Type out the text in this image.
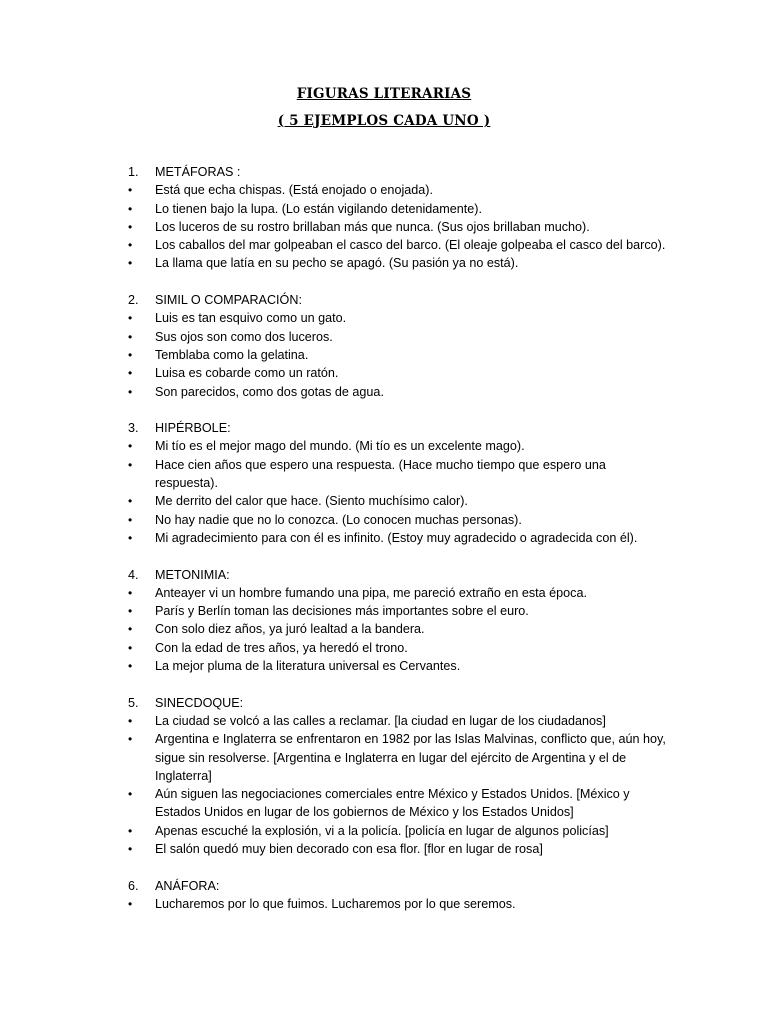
FIGURAS LITERARIAS
( 5 EJEMPLOS CADA UNO )
1.	METÁFORAS :
•	Está que echa chispas. (Está enojado o enojada).
•	Lo tienen bajo la lupa. (Lo están vigilando detenidamente).
•	Los luceros de su rostro brillaban más que nunca. (Sus ojos brillaban mucho).
•	Los caballos del mar golpeaban el casco del barco. (El oleaje golpeaba el casco del barco).
•	La llama que latía en su pecho se apagó. (Su pasión ya no está).
2.	SIMIL O COMPARACIÓN:
•	Luis es tan esquivo como un gato.
•	Sus ojos son como dos luceros.
•	Temblaba como la gelatina.
•	Luisa es cobarde como un ratón.
•	Son parecidos, como dos gotas de agua.
3.	HIPÉRBOLE:
•	Mi tío es el mejor mago del mundo. (Mi tío es un excelente mago).
•	Hace cien años que espero una respuesta. (Hace mucho tiempo que espero una respuesta).
•	Me derrito del calor que hace. (Siento muchísimo calor).
•	No hay nadie que no lo conozca. (Lo conocen muchas personas).
•	Mi agradecimiento para con él es infinito. (Estoy muy agradecido o agradecida con él).
4.	METONIMIA:
•	Anteayer vi un hombre fumando una pipa, me pareció extraño en esta época.
•	París y Berlín toman las decisiones más importantes sobre el euro.
•	Con solo diez años, ya juró lealtad a la bandera.
•	Con la edad de tres años, ya heredó el trono.
•	La mejor pluma de la literatura universal es Cervantes.
5.	SINECDOQUE:
•	La ciudad se volcó a las calles a reclamar. [la ciudad en lugar de los ciudadanos]
•	Argentina e Inglaterra se enfrentaron en 1982 por las Islas Malvinas, conflicto que, aún hoy, sigue sin resolverse. [Argentina e Inglaterra en lugar del ejército de Argentina y el de Inglaterra]
•	Aún siguen las negociaciones comerciales entre México y Estados Unidos. [México y Estados Unidos en lugar de los gobiernos de México y los Estados Unidos]
•	Apenas escuché la explosión, vi a la policía. [policía en lugar de algunos policías]
•	El salón quedó muy bien decorado con esa flor. [flor en lugar de rosa]
6.	ANÁFORA:
•	Lucharemos por lo que fuimos. Lucharemos por lo que seremos.
